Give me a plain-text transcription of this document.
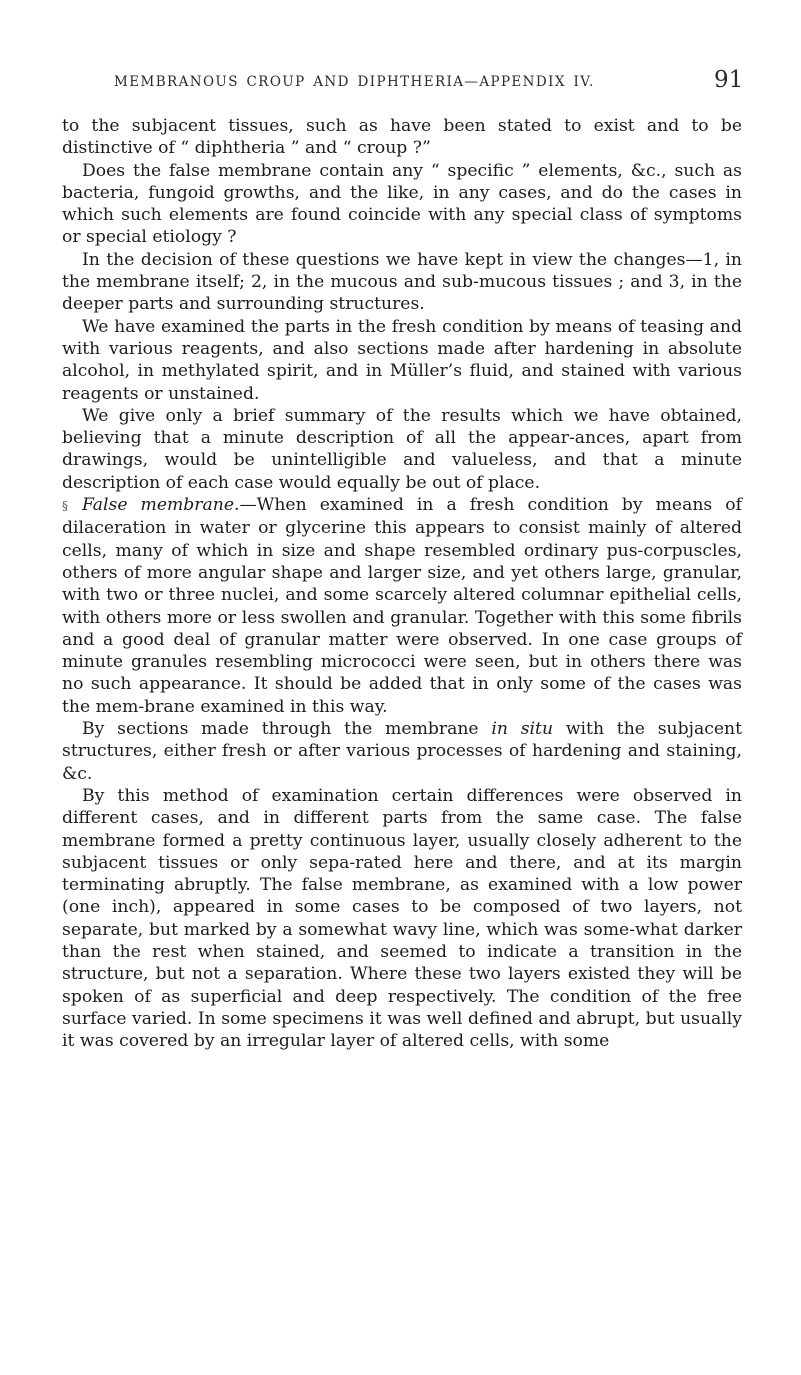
MEMBRANOUS CROUP AND DIPHTHERIA—APPENDIX IV.	91

to the subjacent tissues, such as have been stated to exist and to be distinctive of “ diphtheria ” and “ croup ?”

Does the false membrane contain any “ specific ” elements, &c., such as bacteria, fungoid growths, and the like, in any cases, and do the cases in which such elements are found coincide with any special class of symptoms or special etiology ?

In the decision of these questions we have kept in view the changes—1, in the membrane itself; 2, in the mucous and sub-mucous tissues ; and 3, in the deeper parts and surrounding structures.

We have examined the parts in the fresh condition by means of teasing and with various reagents, and also sections made after hardening in absolute alcohol, in methylated spirit, and in Müller’s fluid, and stained with various reagents or unstained.

We give only a brief summary of the results which we have obtained, believing that a minute description of all the appear-ances, apart from drawings, would be unintelligible and valueless, and that a minute description of each case would equally be out of place.

§ False membrane.—When examined in a fresh condition by means of dilaceration in water or glycerine this appears to consist mainly of altered cells, many of which in size and shape resembled ordinary pus-corpuscles, others of more angular shape and larger size, and yet others large, granular, with two or three nuclei, and some scarcely altered columnar epithelial cells, with others more or less swollen and granular. Together with this some fibrils and a good deal of granular matter were observed. In one case groups of minute granules resembling micrococci were seen, but in others there was no such appearance. It should be added that in only some of the cases was the mem-brane examined in this way.

By sections made through the membrane in situ with the subjacent structures, either fresh or after various processes of hardening and staining, &c.

By this method of examination certain differences were observed in different cases, and in different parts from the same case. The false membrane formed a pretty continuous layer, usually closely adherent to the subjacent tissues or only sepa-rated here and there, and at its margin terminating abruptly. The false membrane, as examined with a low power (one inch), appeared in some cases to be composed of two layers, not separate, but marked by a somewhat wavy line, which was some-what darker than the rest when stained, and seemed to indicate a transition in the structure, but not a separation. Where these two layers existed they will be spoken of as superficial and deep respectively. The condition of the free surface varied. In some specimens it was well defined and abrupt, but usually it was covered by an irregular layer of altered cells, with some
